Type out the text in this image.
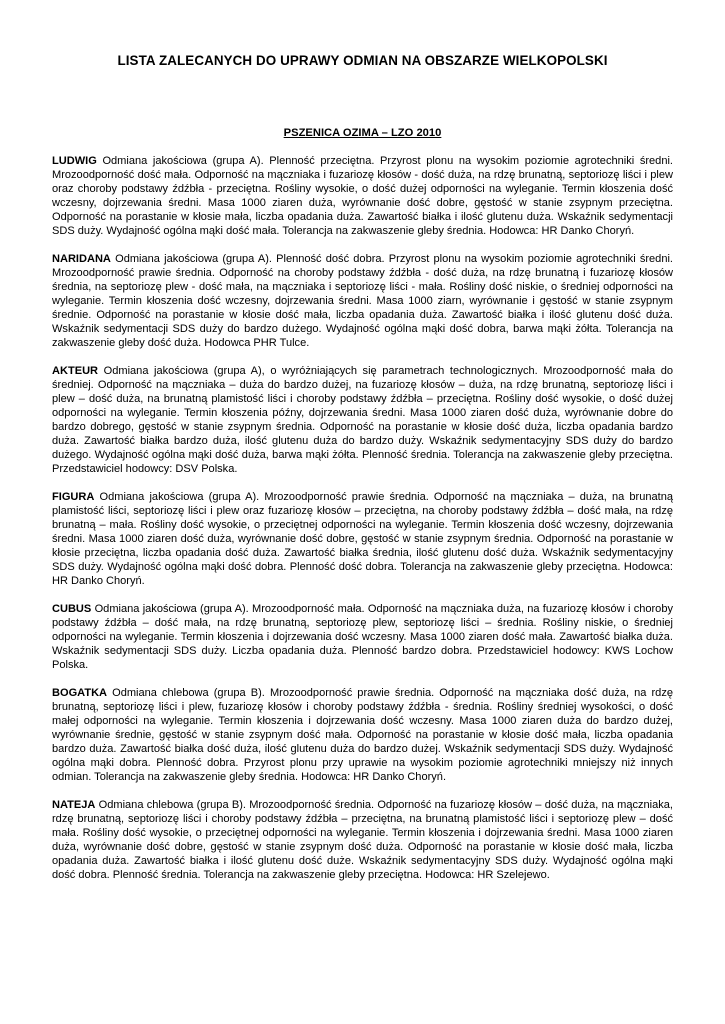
LISTA ZALECANYCH DO UPRAWY ODMIAN NA OBSZARZE WIELKOPOLSKI
PSZENICA OZIMA – LZO 2010

LUDWIG Odmiana jakościowa (grupa A). Plenność przeciętna. Przyrost plonu na wysokim poziomie agrotechniki średni. Mrozoodporność dość mała. Odporność na mączniaka i fuzariozę kłosów - dość duża, na rdzę brunatną, septoriozę liści i plew oraz choroby podstawy źdźbła - przeciętna. Rośliny wysokie, o dość dużej odporności na wyleganie. Termin kłoszenia dość wczesny, dojrzewania średni. Masa 1000 ziaren duża, wyrównanie dość dobre, gęstość w stanie zsypnym przeciętna. Odporność na porastanie w kłosie mała, liczba opadania duża. Zawartość białka i ilość glutenu duża. Wskaźnik sedymentacji SDS duży. Wydajność ogólna mąki dość mała. Tolerancja na zakwaszenie gleby średnia. Hodowca: HR Danko Choryń.

NARIDANA Odmiana jakościowa (grupa A). Plenność dość dobra. Przyrost plonu na wysokim poziomie agrotechniki średni. Mrozoodporność prawie średnia. Odporność na choroby podstawy źdźbła - dość duża, na rdzę brunatną i fuzariozę kłosów średnia, na septoriozę plew - dość mała, na mączniaka i septoriozę liści - mała. Rośliny dość niskie, o średniej odporności na wyleganie. Termin kłoszenia dość wczesny, dojrzewania średni. Masa 1000 ziarn, wyrównanie i gęstość w stanie zsypnym średnie. Odporność na porastanie w kłosie dość mała, liczba opadania duża. Zawartość białka i ilość glutenu dość duża. Wskaźnik sedymentacji SDS duży do bardzo dużego. Wydajność ogólna mąki dość dobra, barwa mąki żółta. Tolerancja na zakwaszenie gleby dość duża. Hodowca PHR Tulce.

AKTEUR Odmiana jakościowa (grupa A), o wyróżniających się parametrach technologicznych. Mrozoodporność mała do średniej. Odporność na mączniaka – duża do bardzo dużej, na fuzariozę kłosów – duża, na rdzę brunatną, septoriozę liści i plew – dość duża, na brunatną plamistość liści i choroby podstawy źdźbła – przeciętna. Rośliny dość wysokie, o dość dużej odporności na wyleganie. Termin kłoszenia późny, dojrzewania średni. Masa 1000 ziaren dość duża, wyrównanie dobre do bardzo dobrego, gęstość w stanie zsypnym średnia. Odporność na porastanie w kłosie dość duża, liczba opadania bardzo duża. Zawartość białka bardzo duża, ilość glutenu duża do bardzo duży. Wskaźnik sedymentacyjny SDS duży do bardzo dużego. Wydajność ogólna mąki dość duża, barwa mąki żółta. Plenność średnia. Tolerancja na zakwaszenie gleby przeciętna. Przedstawiciel hodowcy: DSV Polska.

FIGURA Odmiana jakościowa (grupa A). Mrozoodporność prawie średnia. Odporność na mączniaka – duża, na brunatną plamistość liści, septoriozę liści i plew oraz fuzariozę kłosów – przeciętna, na choroby podstawy źdźbła – dość mała, na rdzę brunatną – mała. Rośliny dość wysokie, o przeciętnej odporności na wyleganie. Termin kłoszenia dość wczesny, dojrzewania średni. Masa 1000 ziaren dość duża, wyrównanie dość dobre, gęstość w stanie zsypnym średnia. Odporność na porastanie w kłosie przeciętna, liczba opadania dość duża. Zawartość białka średnia, ilość glutenu dość duża. Wskaźnik sedymentacyjny SDS duży. Wydajność ogólna mąki dość dobra. Plenność dość dobra. Tolerancja na zakwaszenie gleby przeciętna. Hodowca: HR Danko Choryń.

CUBUS Odmiana jakościowa (grupa A). Mrozoodporność mała. Odporność na mączniaka duża, na fuzariozę kłosów i choroby podstawy źdźbła – dość mała, na rdzę brunatną, septoriozę plew, septoriozę liści – średnia. Rośliny niskie, o średniej odporności na wyleganie. Termin kłoszenia i dojrzewania dość wczesny. Masa 1000 ziaren dość mała. Zawartość białka duża. Wskaźnik sedymentacji SDS duży. Liczba opadania duża. Plenność bardzo dobra. Przedstawiciel hodowcy: KWS Lochow Polska.

BOGATKA Odmiana chlebowa (grupa B). Mrozoodporność prawie średnia. Odporność na mączniaka dość duża, na rdzę brunatną, septoriozę liści i plew, fuzariozę kłosów i choroby podstawy źdźbła - średnia. Rośliny średniej wysokości, o dość małej odporności na wyleganie. Termin kłoszenia i dojrzewania dość wczesny. Masa 1000 ziaren duża do bardzo dużej, wyrównanie średnie, gęstość w stanie zsypnym dość mała. Odporność na porastanie w kłosie dość mała, liczba opadania bardzo duża. Zawartość białka dość duża, ilość glutenu duża do bardzo dużej. Wskaźnik sedymentacji SDS duży. Wydajność ogólna mąki dobra. Plenność dobra. Przyrost plonu przy uprawie na wysokim poziomie agrotechniki mniejszy niż innych odmian. Tolerancja na zakwaszenie gleby średnia. Hodowca: HR Danko Choryń.

NATEJA Odmiana chlebowa (grupa B). Mrozoodporność średnia. Odporność na fuzariozę kłosów – dość duża, na mączniaka, rdzę brunatną, septoriozę liści i choroby podstawy źdźbła – przeciętna, na brunatną plamistość liści i septoriozę plew – dość mała. Rośliny dość wysokie, o przeciętnej odporności na wyleganie. Termin kłoszenia i dojrzewania średni. Masa 1000 ziaren duża, wyrównanie dość dobre, gęstość w stanie zsypnym dość duża. Odporność na porastanie w kłosie dość mała, liczba opadania duża. Zawartość białka i ilość glutenu dość duże. Wskaźnik sedymentacyjny SDS duży. Wydajność ogólna mąki dość dobra. Plenność średnia. Tolerancja na zakwaszenie gleby przeciętna. Hodowca: HR Szelejewo.
